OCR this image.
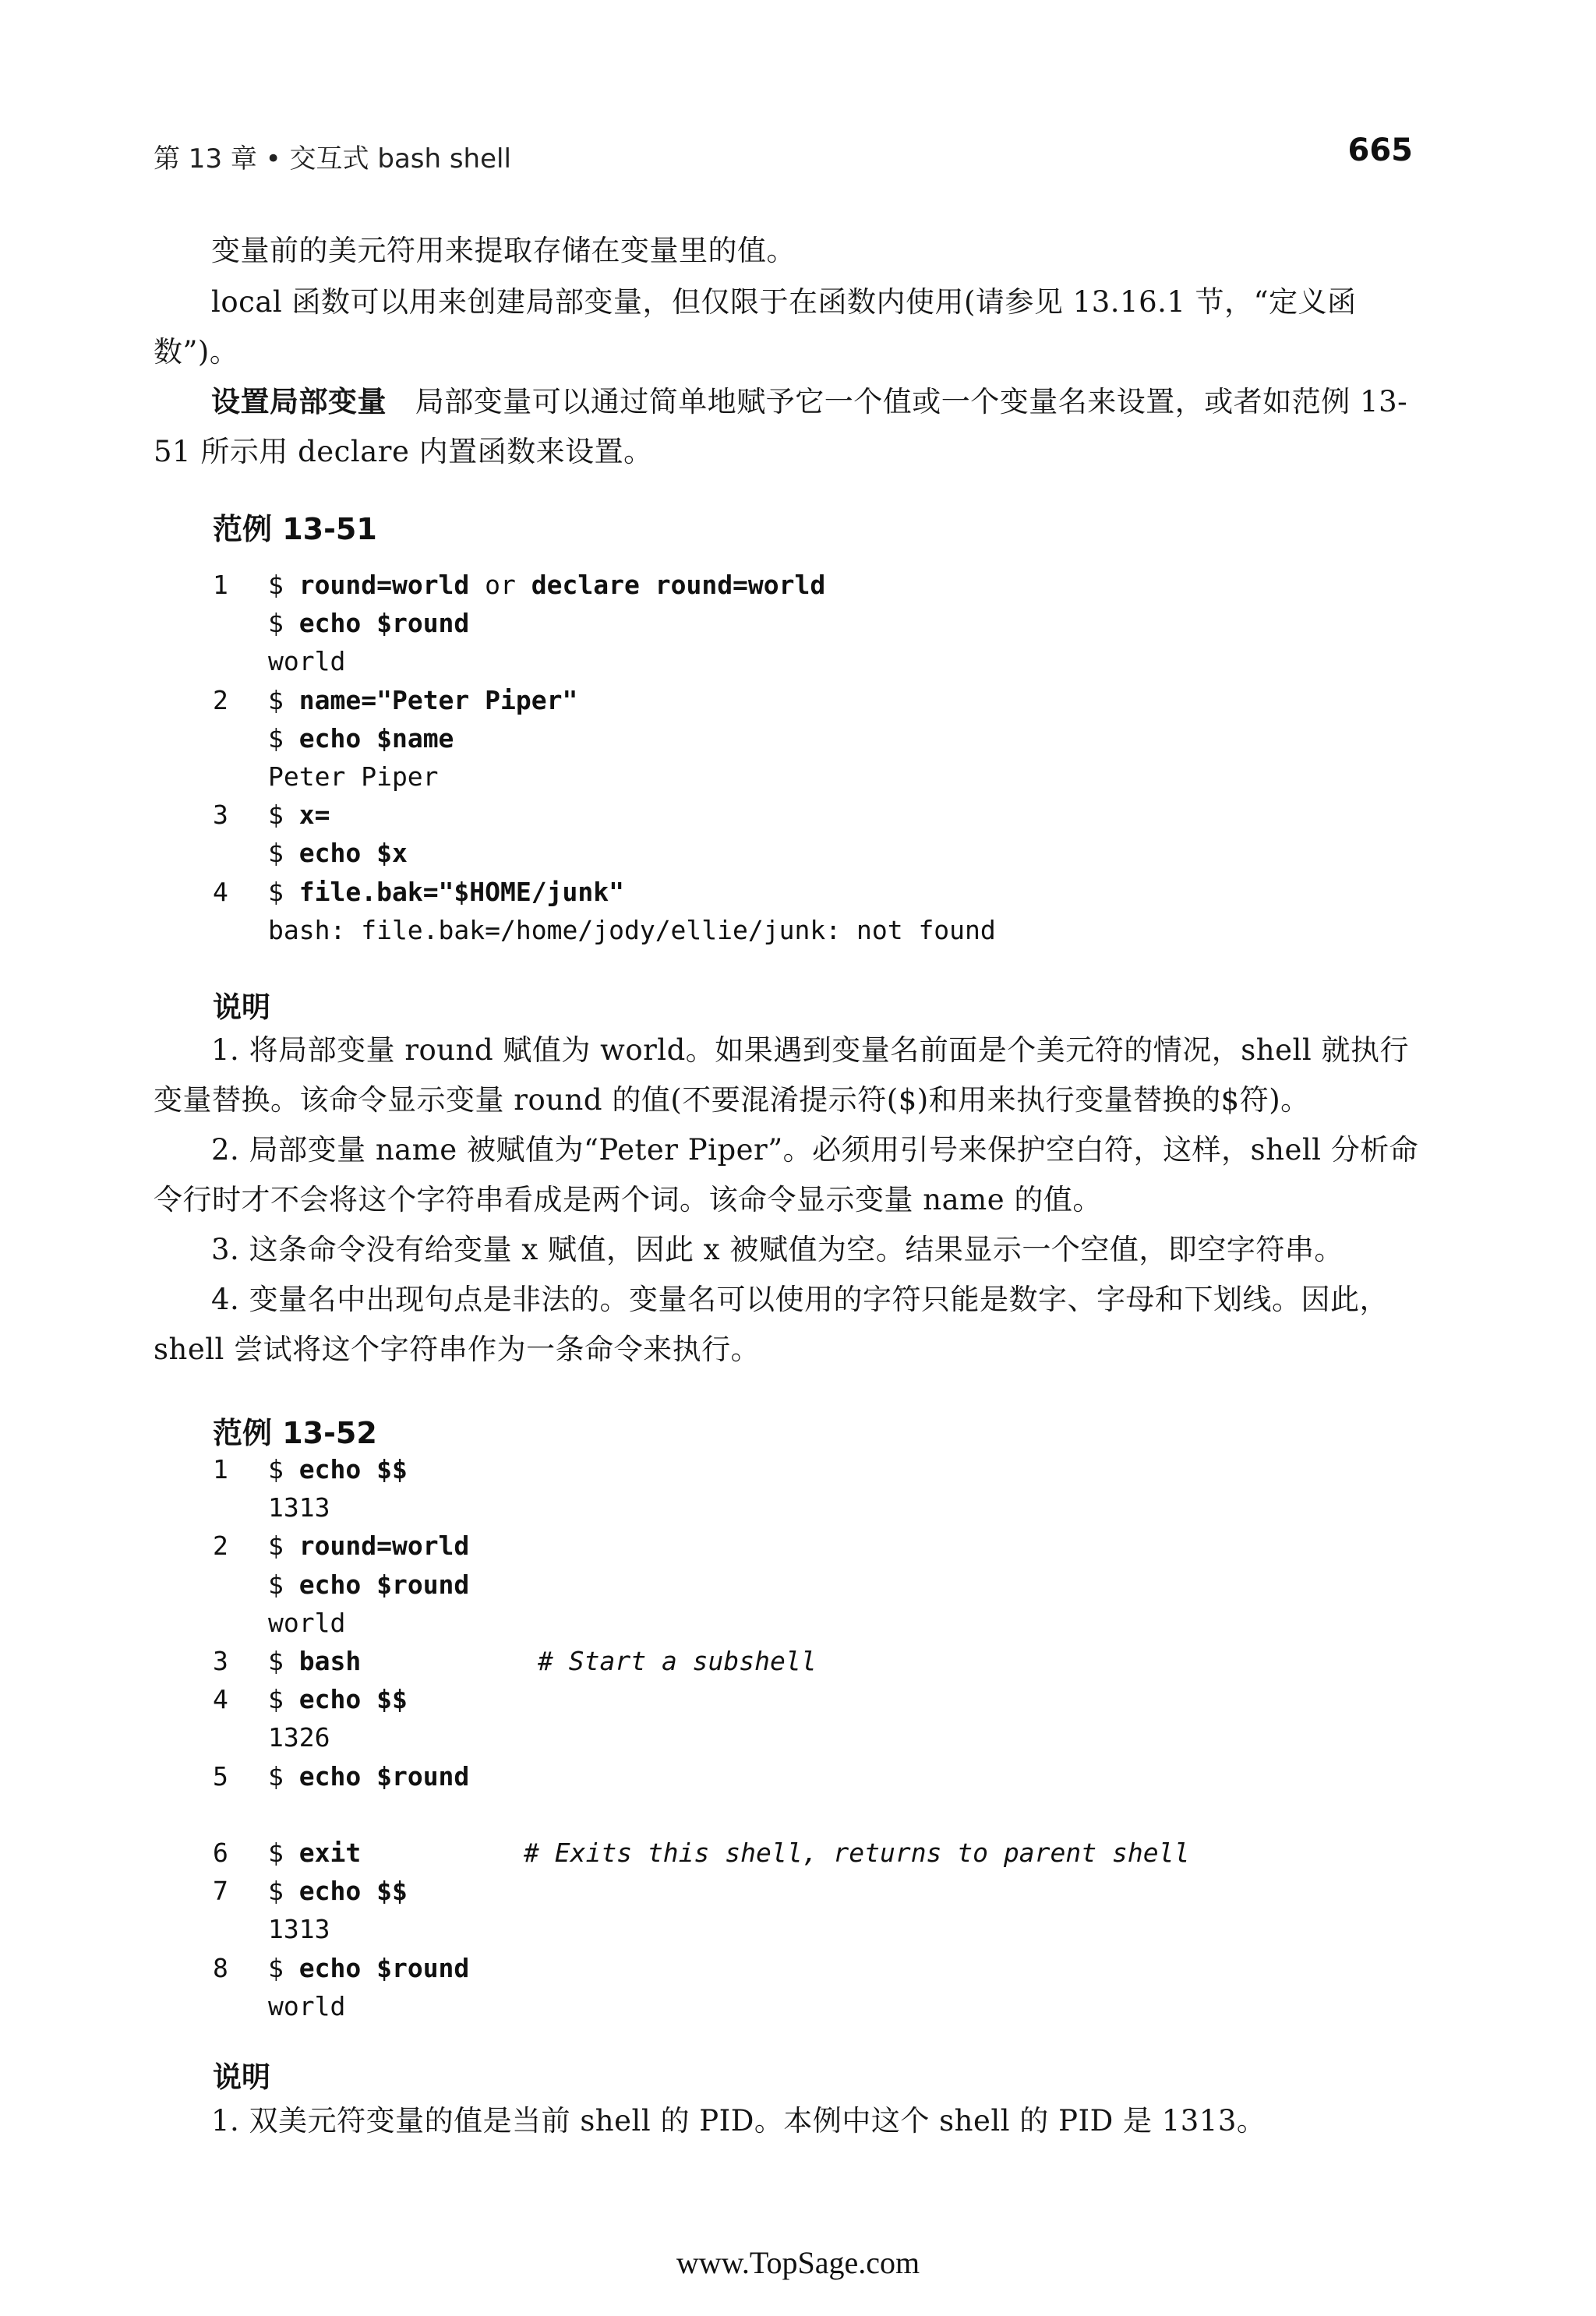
第 13 章 • 交互式 bash shell	665

变量前的美元符用来提取存储在变量里的值。

local 函数可以用来创建局部变量，但仅限于在函数内使用(请参见 13.16.1 节，“定义函数”)。

设置局部变量 局部变量可以通过简单地赋予它一个值或一个变量名来设置，或者如范例 13-51 所示用 declare 内置函数来设置。

范例 13-51
1 $ round=world or declare round=world
$ echo $round
world
2 $ name="Peter Piper"
$ echo $name
Peter Piper
3 $ x=
$ echo $x
4 $ file.bak="$HOME/junk"
bash: file.bak=/home/jody/ellie/junk: not found
说明

1. 将局部变量 round 赋值为 world。如果遇到变量名前面是个美元符的情况，shell 就执行变量替换。该命令显示变量 round 的值(不要混淆提示符($)和用来执行变量替换的$符)。

2. 局部变量 name 被赋值为“Peter Piper”。必须用引号来保护空白符，这样，shell 分析命令行时才不会将这个字符串看成是两个词。该命令显示变量 name 的值。

3. 这条命令没有给变量 x 赋值，因此 x 被赋值为空。结果显示一个空值，即空字符串。

4. 变量名中出现句点是非法的。变量名可以使用的字符只能是数字、字母和下划线。因此，shell 尝试将这个字符串作为一条命令来执行。

范例 13-52
1 $ echo $$
1313
2 $ round=world
$ echo $round
world
3 $ bash	# Start a subshell
4 $ echo $$
1326
5 $ echo $round
6 $ exit	# Exits this shell, returns to parent shell
7 $ echo $$
1313
8 $ echo $round
world
说明

1. 双美元符变量的值是当前 shell 的 PID。本例中这个 shell 的 PID 是 1313。

www.TopSage.com
